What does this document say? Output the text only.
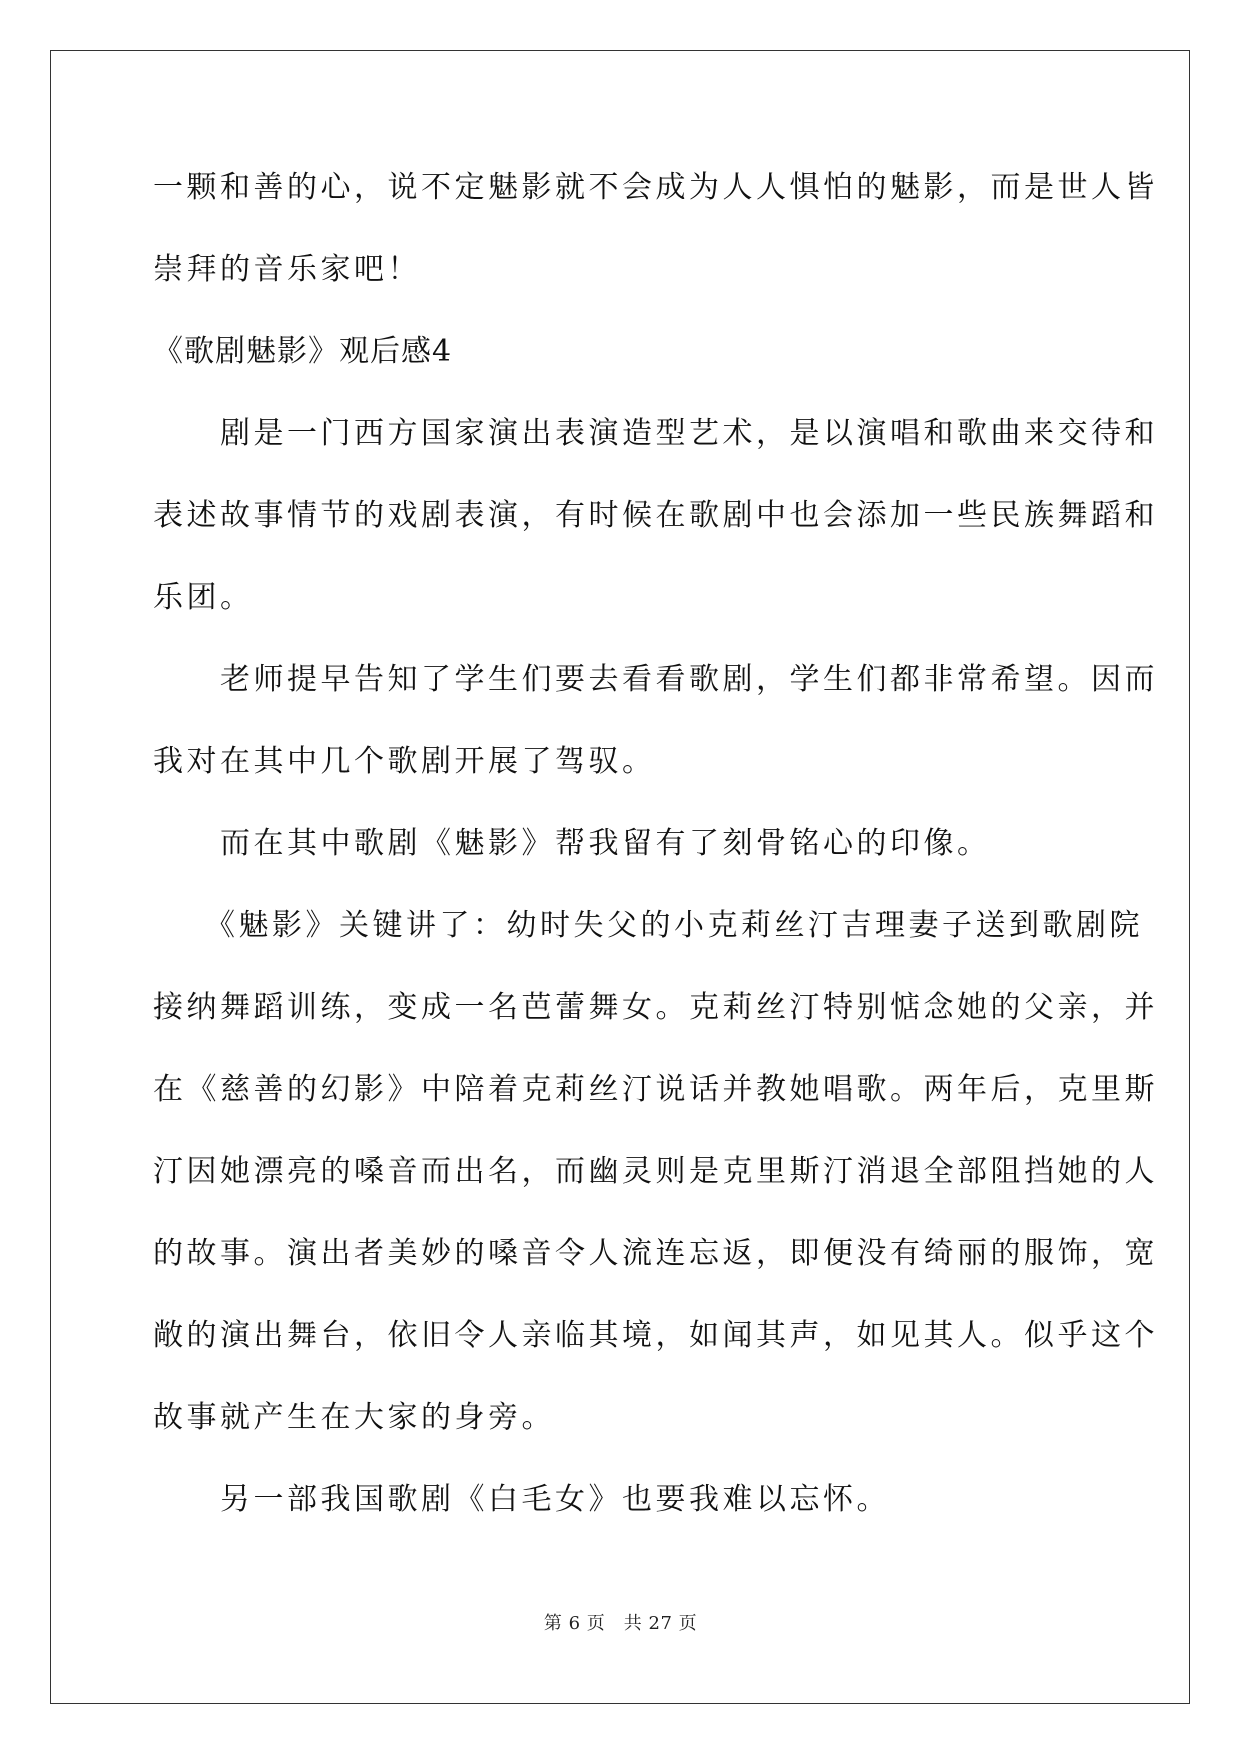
一颗和善的心，说不定魅影就不会成为人人惧怕的魅影，而是世人皆
崇拜的音乐家吧！
《歌剧魅影》观后感4
　　剧是一门西方国家演出表演造型艺术，是以演唱和歌曲来交待和
表述故事情节的戏剧表演，有时候在歌剧中也会添加一些民族舞蹈和
乐团。
　　老师提早告知了学生们要去看看歌剧，学生们都非常希望。因而
我对在其中几个歌剧开展了驾驭。
　　而在其中歌剧《魅影》帮我留有了刻骨铭心的印像。
　　《魅影》关键讲了：幼时失父的小克莉丝汀吉理妻子送到歌剧院
接纳舞蹈训练，变成一名芭蕾舞女。克莉丝汀特别惦念她的父亲，并
在《慈善的幻影》中陪着克莉丝汀说话并教她唱歌。两年后，克里斯
汀因她漂亮的嗓音而出名，而幽灵则是克里斯汀消退全部阻挡她的人
的故事。演出者美妙的嗓音令人流连忘返，即便没有绮丽的服饰，宽
敞的演出舞台，依旧令人亲临其境，如闻其声，如见其人。似乎这个
故事就产生在大家的身旁。
　　另一部我国歌剧《白毛女》也要我难以忘怀。
第 6 页　共 27 页
